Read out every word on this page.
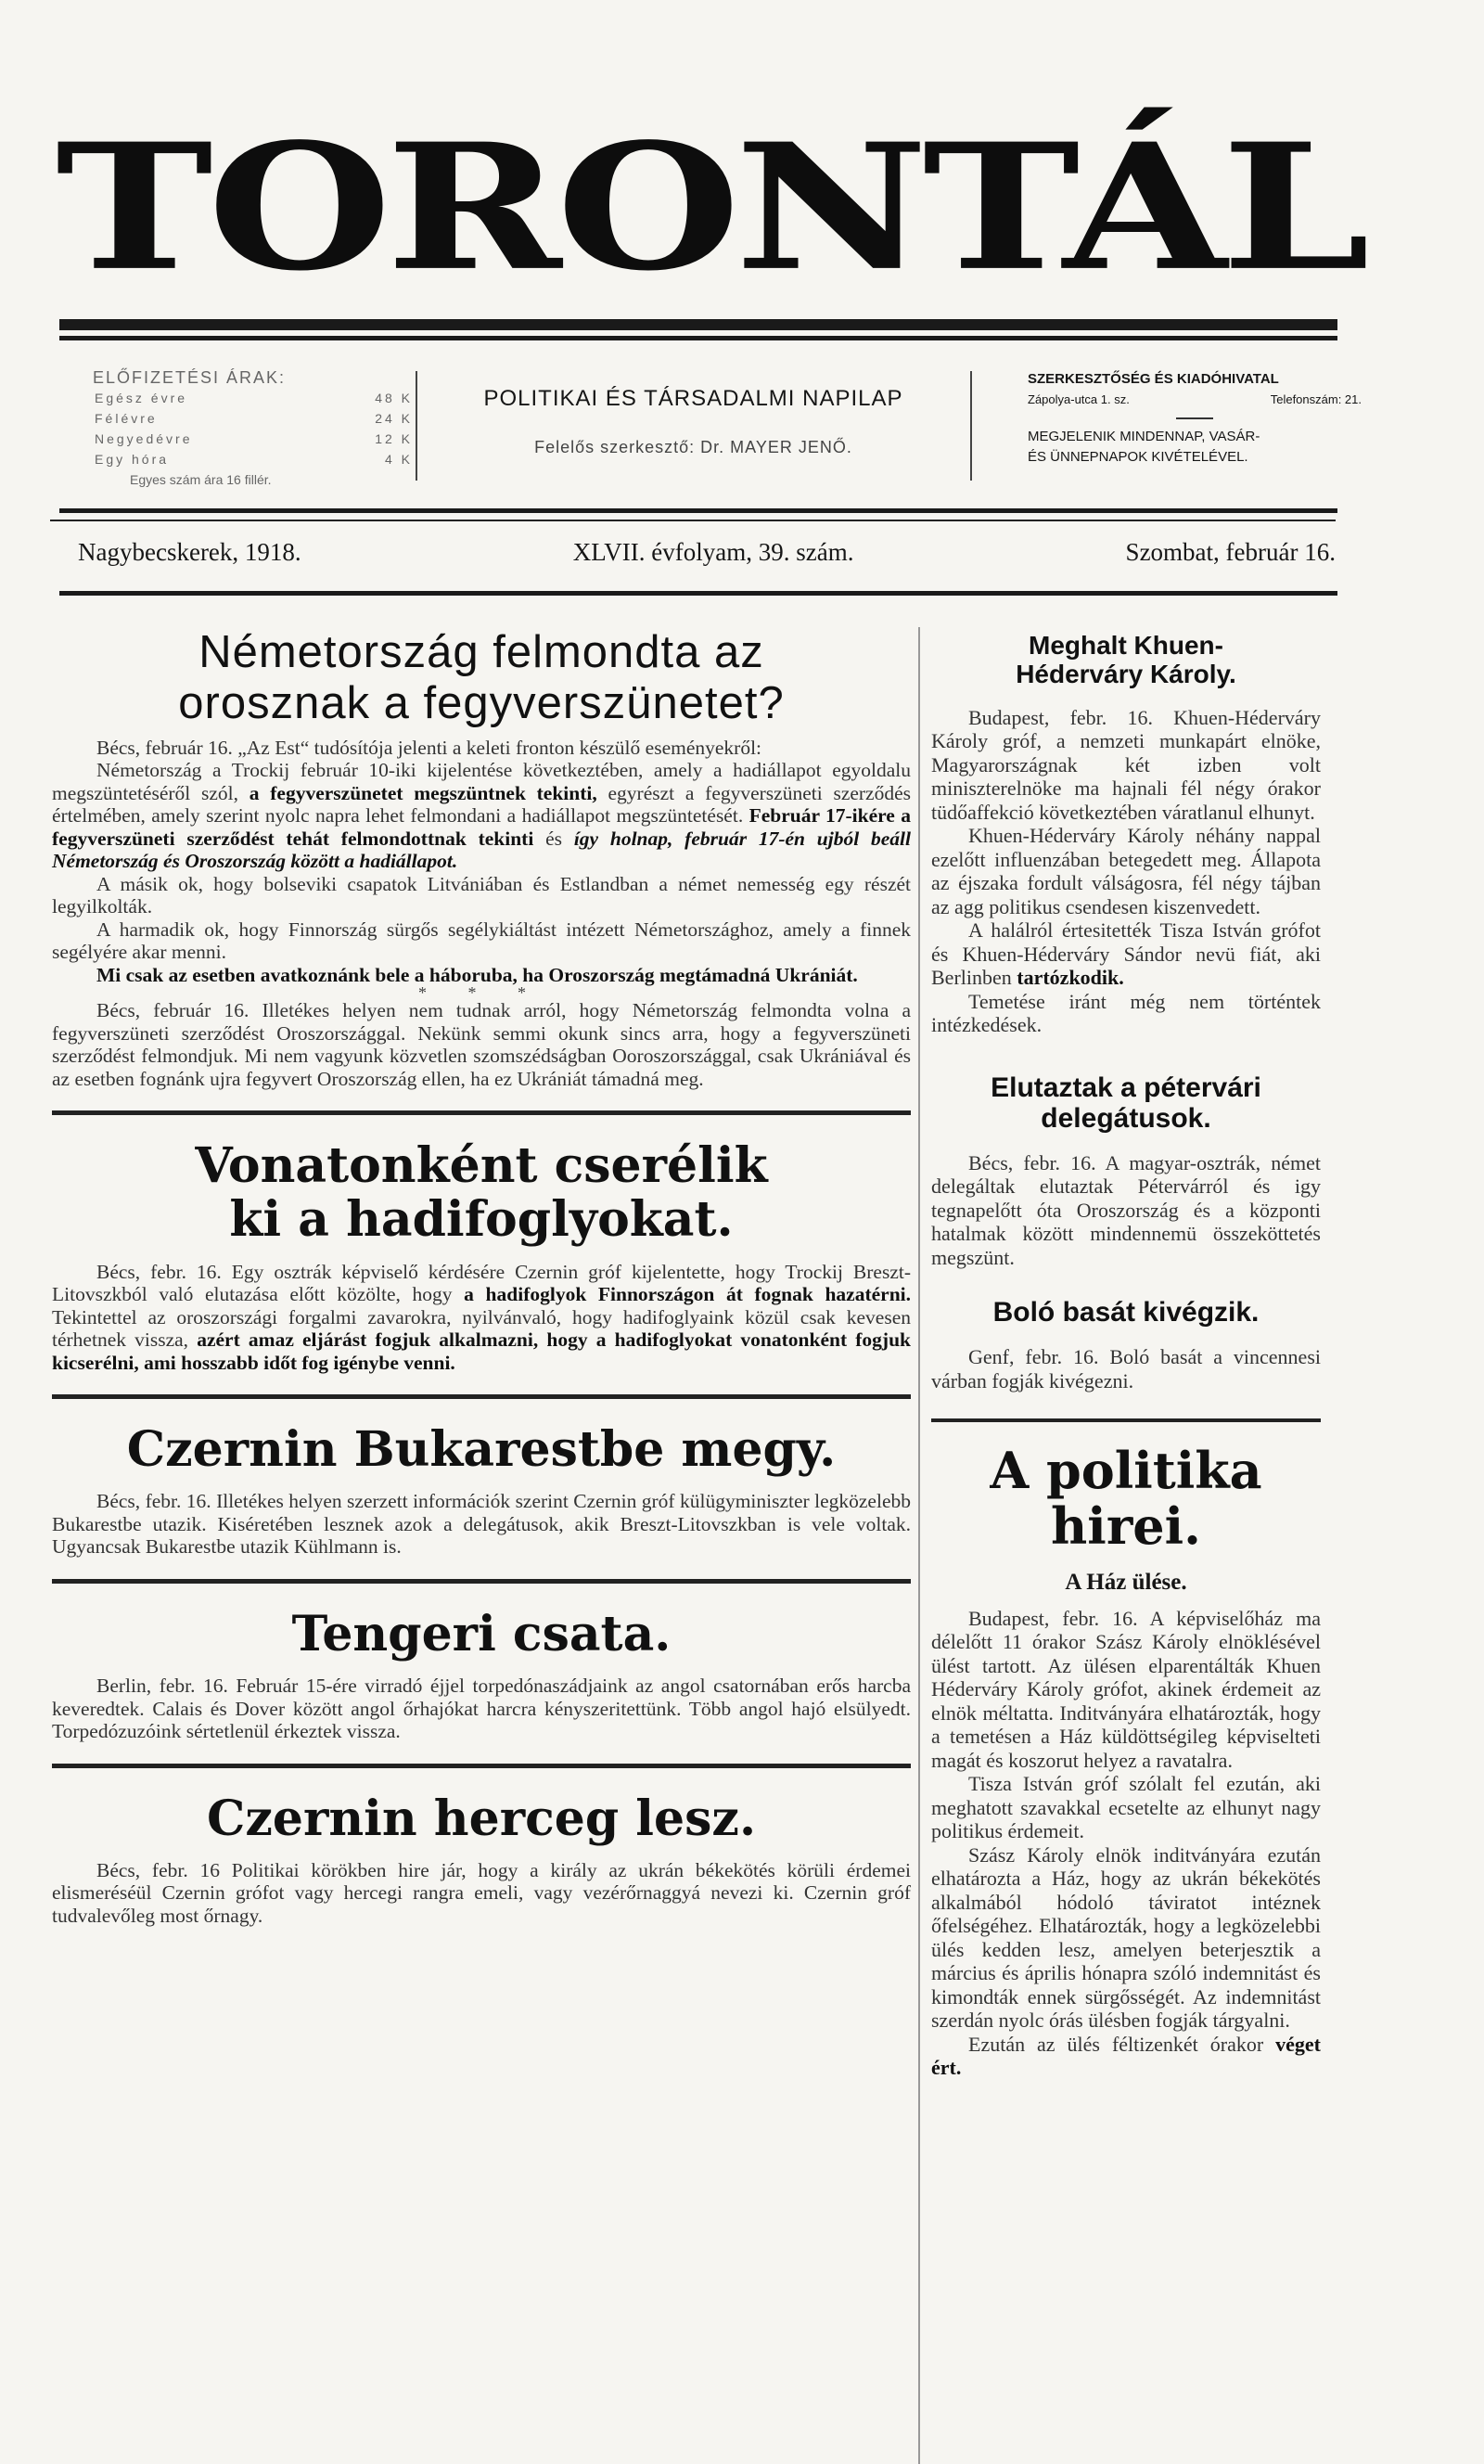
TORONTÁL
ELŐFIZETÉSI ÁRAK:
Egész évre	48 K
Félévre	24 K
Negyedévre	12 K
Egy hóra	4 K
Egyes szám ára 16 fillér.
POLITIKAI ÉS TÁRSADALMI NAPILAP
Felelős szerkesztő: Dr. MAYER JENŐ.
SZERKESZTŐSÉG ÉS KIADÓHIVATAL
Zápolya-utca 1. sz.	Telefonszám: 21.
MEGJELENIK MINDENNAP, VASÁR-
ÉS ÜNNEPNAPOK KIVÉTELÉVEL.
Nagybecskerek, 1918.	XLVII. évfolyam, 39. szám.	Szombat, február 16.
Németország felmondta az orosznak a fegyverszünetet?

Bécs, február 16. „Az Est“ tudósítója jelenti a keleti fronton készülő eseményekről:

Németország a Trockij február 10-iki kijelentése következtében, amely a hadiállapot egyoldalu megszüntetéséről szól, a fegyverszünetet megszüntnek tekinti, egyrészt a fegyverszüneti szerződés értelmében, amely szerint nyolc napra lehet felmondani a hadiállapot megszüntetését. Február 17-ikére a fegyverszüneti szerződést tehát felmondottnak tekinti és így holnap, február 17-én ujból beáll Németország és Oroszország között a hadiállapot.

A másik ok, hogy bolseviki csapatok Litvániában és Estlandban a német nemesség egy részét legyilkolták.

A harmadik ok, hogy Finnország sürgős segélykiáltást intézett Németországhoz, amely a finnek segélyére akar menni.

Mi csak az esetben avatkoznánk bele a háboruba, ha Oroszország megtámadná Ukrániát.

* * *

Bécs, február 16. Illetékes helyen nem tudnak arról, hogy Németország felmondta volna a fegyverszüneti szerződést Oroszországgal. Nekünk semmi okunk sincs arra, hogy a fegyverszüneti szerződést felmondjuk. Mi nem vagyunk közvetlen szomszédságban Ooroszországgal, csak Ukrániával és az esetben fognánk ujra fegyvert Oroszország ellen, ha ez Ukrániát támadná meg.

Vonatonként cserélik ki a hadifoglyokat.

Bécs, febr. 16. Egy osztrák képviselő kérdésére Czernin gróf kijelentette, hogy Trockij Breszt-Litovszkból való elutazása előtt közölte, hogy a hadifoglyok Finnországon át fognak hazatérni. Tekintettel az oroszországi forgalmi zavarokra, nyilvánvaló, hogy hadifoglyaink közül csak kevesen térhetnek vissza, azért amaz eljárást fogjuk alkalmazni, hogy a hadifoglyokat vonatonként fogjuk kicserélni, ami hosszabb időt fog igénybe venni.

Czernin Bukarestbe megy.

Bécs, febr. 16. Illetékes helyen szerzett információk szerint Czernin gróf külügyminiszter legközelebb Bukarestbe utazik. Kiséretében lesznek azok a delegátusok, akik Breszt-Litovszkban is vele voltak. Ugyancsak Bukarestbe utazik Kühlmann is.

Tengeri csata.

Berlin, febr. 16. Február 15-ére virradó éjjel torpedónaszádjaink az angol csatornában erős harcba keveredtek. Calais és Dover között angol őrhajókat harcra kényszeritettünk. Több angol hajó elsülyedt. Torpedózuzóink sértetlenül érkeztek vissza.

Czernin herceg lesz.

Bécs, febr. 16 Politikai körökben hire jár, hogy a király az ukrán békekötés körüli érdemei elismeréséül Czernin grófot vagy hercegi rangra emeli, vagy vezérőrnaggyá nevezi ki. Czernin gróf tudvalevőleg most őrnagy.

Meghalt Khuen-Héderváry Károly.

Budapest, febr. 16. Khuen-Héderváry Károly gróf, a nemzeti munkapárt elnöke, Magyarországnak két izben volt miniszterelnöke ma hajnali fél négy órakor tüdőaffekció következtében váratlanul elhunyt.

Khuen-Héderváry Károly néhány nappal ezelőtt influenzában betegedett meg. Állapota az éjszaka fordult válságosra, fél négy tájban az agg politikus csendesen kiszenvedett.

A halálról értesitették Tisza István grófot és Khuen-Héderváry Sándor nevü fiát, aki Berlinben tartózkodik.

Temetése iránt még nem történtek intézkedések.

Elutaztak a pétervári delegátusok.

Bécs, febr. 16. A magyar-osztrák, német delegáltak elutaztak Pétervárról és igy tegnapelőtt óta Oroszország és a központi hatalmak között mindennemü összeköttetés megszünt.

Boló basát kivégzik.

Genf, febr. 16. Boló basát a vincennesi várban fogják kivégezni.

A politika hirei.
A Ház ülése.

Budapest, febr. 16. A képviselőház ma délelőtt 11 órakor Szász Károly elnöklésével ülést tartott. Az ülésen elparentálták Khuen Héderváry Károly grófot, akinek érdemeit az elnök méltatta. Inditványára elhatározták, hogy a temetésen a Ház küldöttségileg képviselteti magát és koszorut helyez a ravatalra.

Tisza István gróf szólalt fel ezután, aki meghatott szavakkal ecsetelte az elhunyt nagy politikus érdemeit.

Szász Károly elnök inditványára ezután elhatározta a Ház, hogy az ukrán békekötés alkalmából hódoló táviratot intéznek őfelségéhez. Elhatározták, hogy a legközelebbi ülés kedden lesz, amelyen beterjesztik a március és április hónapra szóló indemnitást és kimondták ennek sürgősségét. Az indemnitást szerdán nyolc órás ülésben fogják tárgyalni.

Ezután az ülés féltizenkét órakor véget ért.
